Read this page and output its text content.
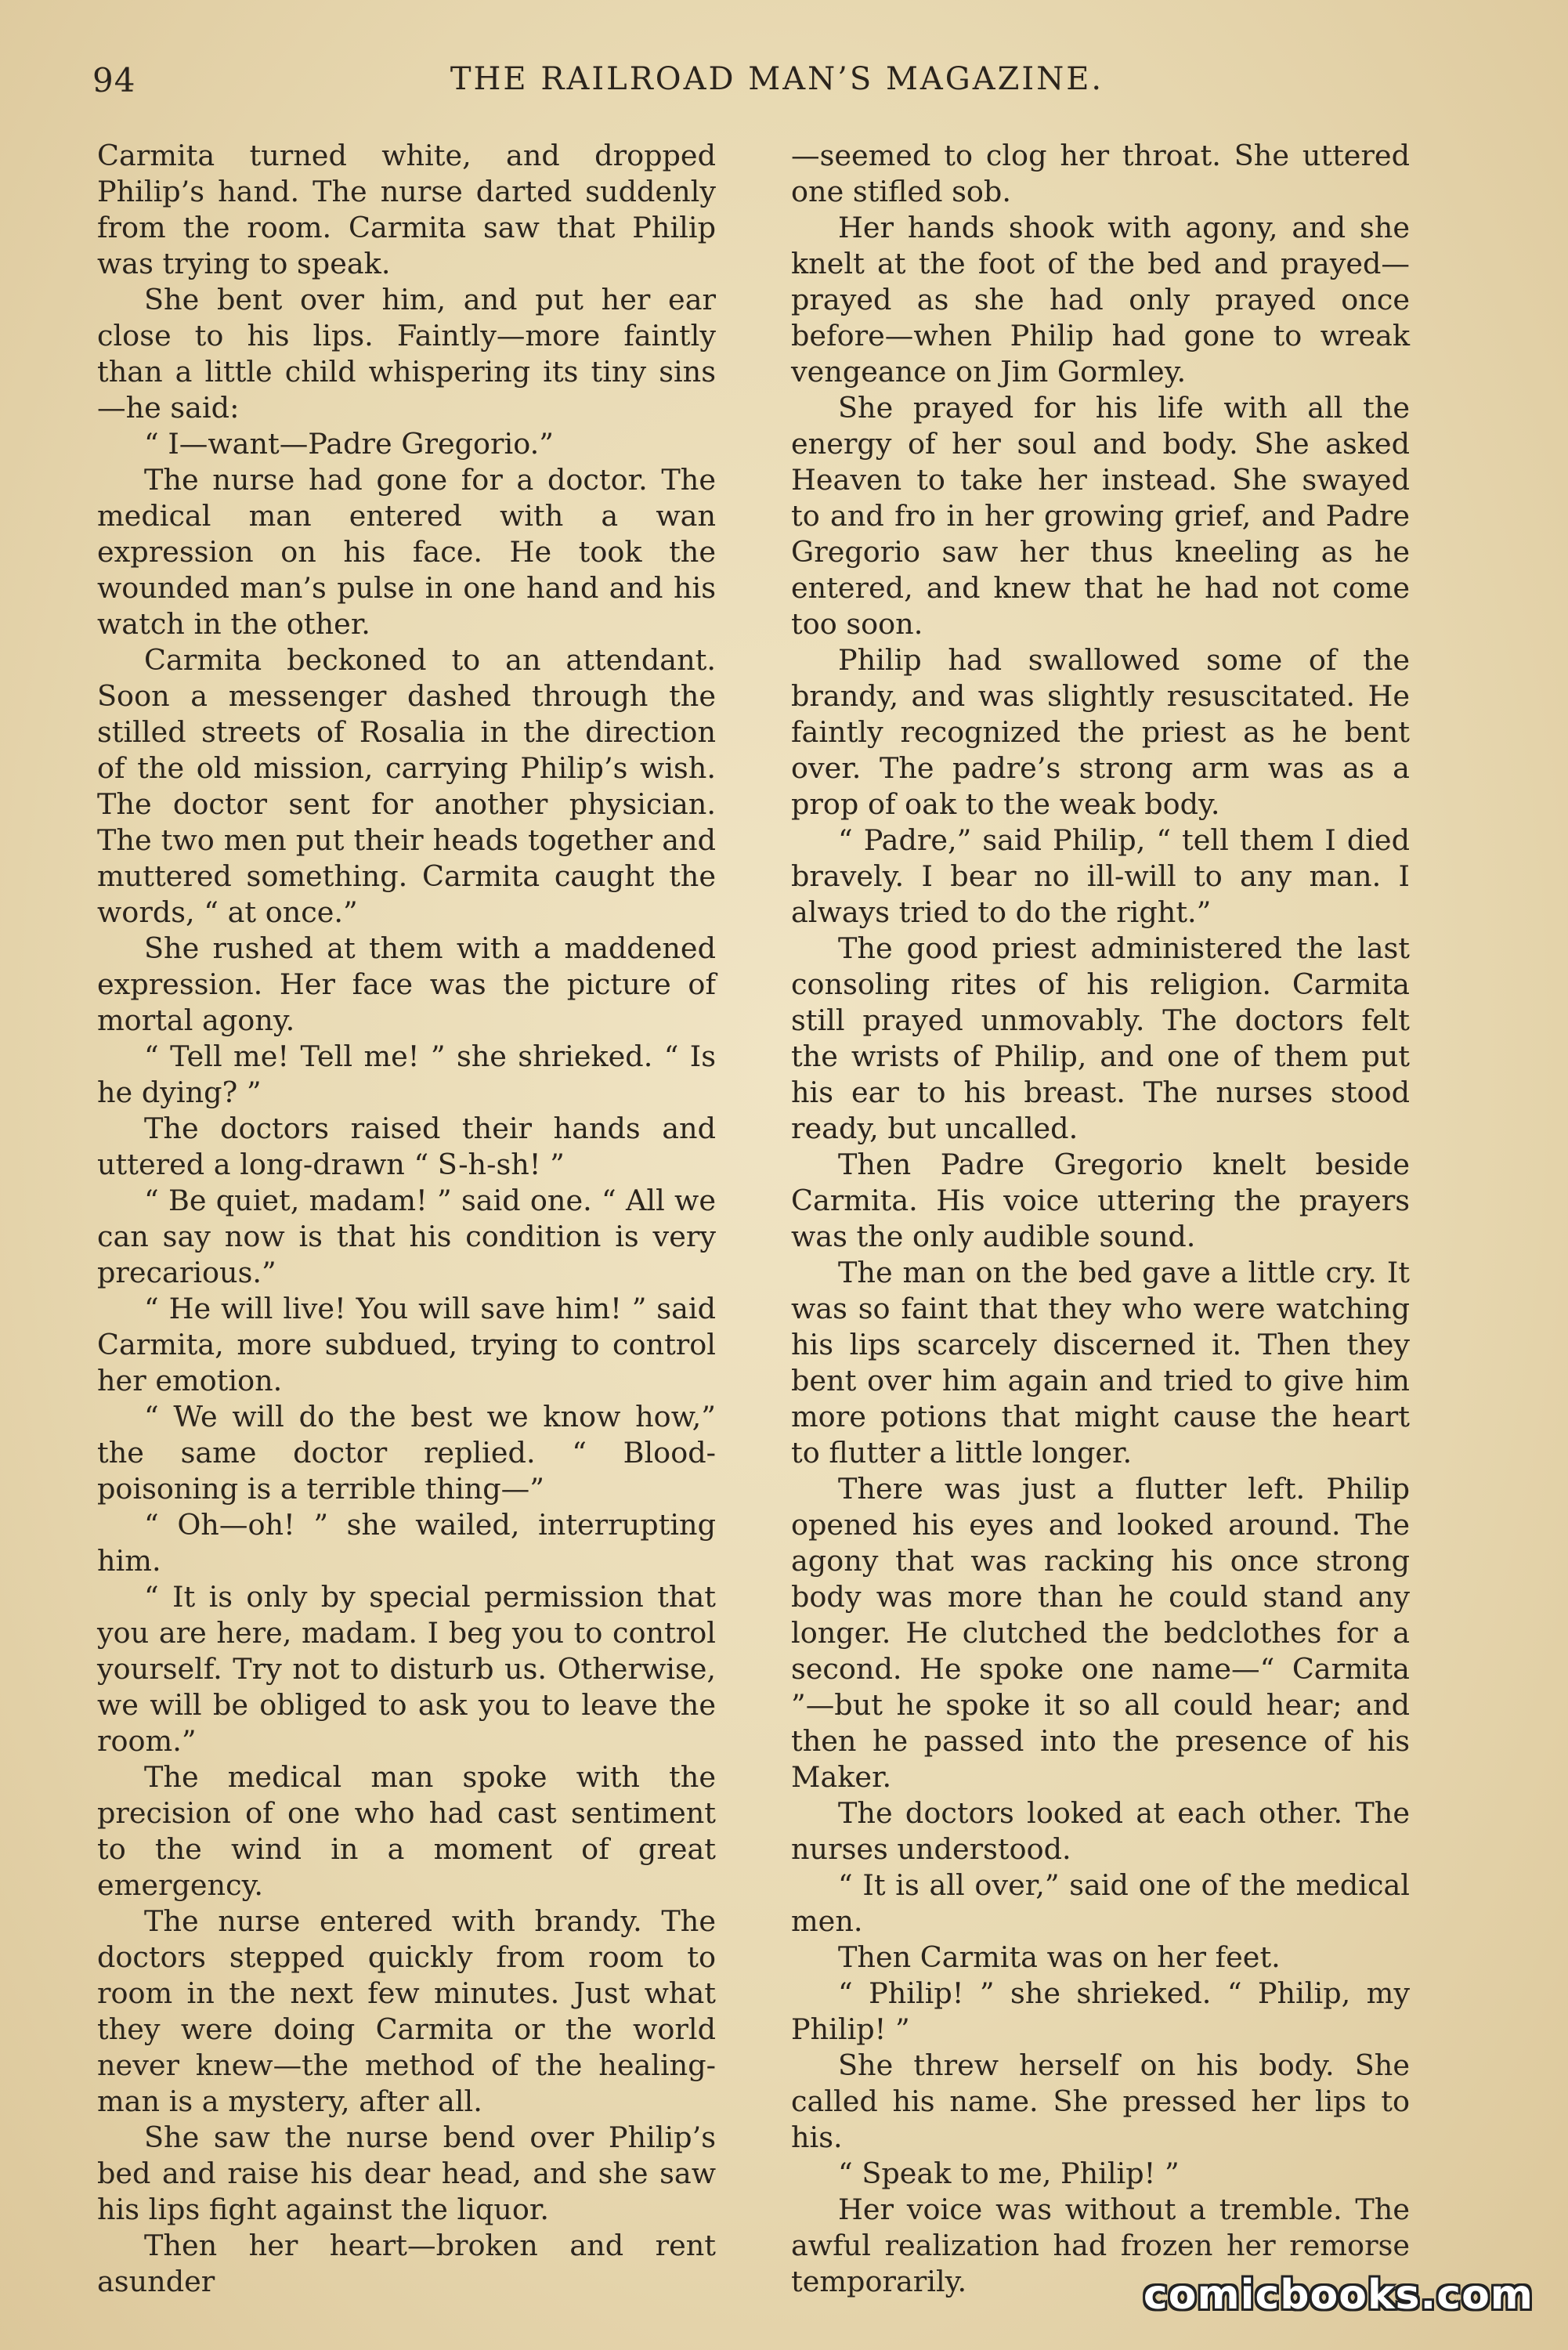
94	THE RAILROAD MAN’S MAGAZINE.

Carmita turned white, and dropped Philip’s hand. The nurse darted suddenly from the room. Carmita saw that Philip was trying to speak.

She bent over him, and put her ear close to his lips. Faintly—more faintly than a little child whispering its tiny sins—he said:

“ I—want—Padre Gregorio.”

The nurse had gone for a doctor. The medical man entered with a wan expression on his face. He took the wounded man’s pulse in one hand and his watch in the other.

Carmita beckoned to an attendant. Soon a messenger dashed through the stilled streets of Rosalia in the direction of the old mission, carrying Philip’s wish. The doctor sent for another physician. The two men put their heads together and muttered something. Carmita caught the words, “ at once.”

She rushed at them with a maddened expression. Her face was the picture of mortal agony.

“ Tell me! Tell me! ” she shrieked. “ Is he dying? ”

The doctors raised their hands and uttered a long-drawn “ S-h-sh! ”

“ Be quiet, madam! ” said one. “ All we can say now is that his condition is very precarious.”

“ He will live! You will save him! ” said Carmita, more subdued, trying to control her emotion.

“ We will do the best we know how,” the same doctor replied. “ Blood-poisoning is a terrible thing—”

“ Oh—oh! ” she wailed, interrupting him.

“ It is only by special permission that you are here, madam. I beg you to control yourself. Try not to disturb us. Otherwise, we will be obliged to ask you to leave the room.”

The medical man spoke with the precision of one who had cast sentiment to the wind in a moment of great emergency.

The nurse entered with brandy. The doctors stepped quickly from room to room in the next few minutes. Just what they were doing Carmita or the world never knew—the method of the healing-man is a mystery, after all.

She saw the nurse bend over Philip’s bed and raise his dear head, and she saw his lips fight against the liquor.

Then her heart—broken and rent asunder

—seemed to clog her throat. She uttered one stifled sob.

Her hands shook with agony, and she knelt at the foot of the bed and prayed—prayed as she had only prayed once before—when Philip had gone to wreak vengeance on Jim Gormley.

She prayed for his life with all the energy of her soul and body. She asked Heaven to take her instead. She swayed to and fro in her growing grief, and Padre Gregorio saw her thus kneeling as he entered, and knew that he had not come too soon.

Philip had swallowed some of the brandy, and was slightly resuscitated. He faintly recognized the priest as he bent over. The padre’s strong arm was as a prop of oak to the weak body.

“ Padre,” said Philip, “ tell them I died bravely. I bear no ill-will to any man. I always tried to do the right.”

The good priest administered the last consoling rites of his religion. Carmita still prayed unmovably. The doctors felt the wrists of Philip, and one of them put his ear to his breast. The nurses stood ready, but uncalled.

Then Padre Gregorio knelt beside Carmita. His voice uttering the prayers was the only audible sound.

The man on the bed gave a little cry. It was so faint that they who were watching his lips scarcely discerned it. Then they bent over him again and tried to give him more potions that might cause the heart to flutter a little longer.

There was just a flutter left. Philip opened his eyes and looked around. The agony that was racking his once strong body was more than he could stand any longer. He clutched the bedclothes for a second. He spoke one name—“ Carmita ”—but he spoke it so all could hear; and then he passed into the presence of his Maker.

The doctors looked at each other. The nurses understood.

“ It is all over,” said one of the medical men.

Then Carmita was on her feet.

“ Philip! ” she shrieked. “ Philip, my Philip! ”

She threw herself on his body. She called his name. She pressed her lips to his.

“ Speak to me, Philip! ”

Her voice was without a tremble. The awful realization had frozen her remorse temporarily.	comicbooks.com
